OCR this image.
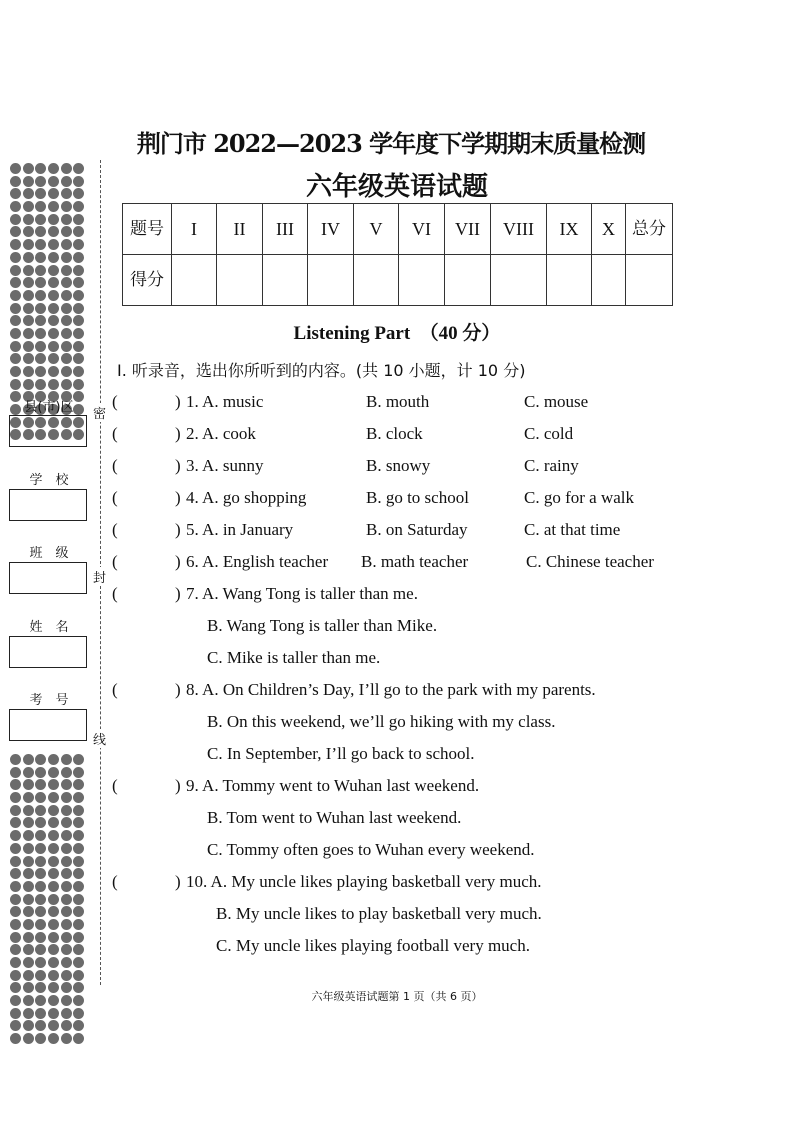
密
封
线
县(市)区
学　校
班　级
姓　名
考　号
荆门市 2022—2023 学年度下学期期末质量检测
六年级英语试题
题号	I	II	III	IV	V	VI	VII	VIII	IX	X	总分
得分											
Listening Part　（40 分）
Ⅰ. 听录音，选出你所听到的内容。(共 10 小题，计 10 分)
(	) 1. A. music	B. mouth	C. mouse
(	) 2. A. cook	B. clock	C. cold
(	) 3. A. sunny	B. snowy	C. rainy
(	) 4. A. go shopping	B. go to school	C. go for a walk
(	) 5. A. in January	B. on Saturday	C. at that time
(	) 6. A. English teacher B. math teacher	C. Chinese teacher
(	) 7. A. Wang Tong is taller than me.
B. Wang Tong is taller than Mike.
C. Mike is taller than me.
(	) 8. A. On Children’s Day, I’ll go to the park with my parents.
B. On this weekend, we’ll go hiking with my class.
C. In September, I’ll go back to school.
(	) 9. A. Tommy went to Wuhan last weekend.
B. Tom went to Wuhan last weekend.
C. Tommy often goes to Wuhan every weekend.
(	) 10. A. My uncle likes playing basketball very much.
B. My uncle likes to play basketball very much.
C. My uncle likes playing football very much.
六年级英语试题第 1 页（共 6 页）
